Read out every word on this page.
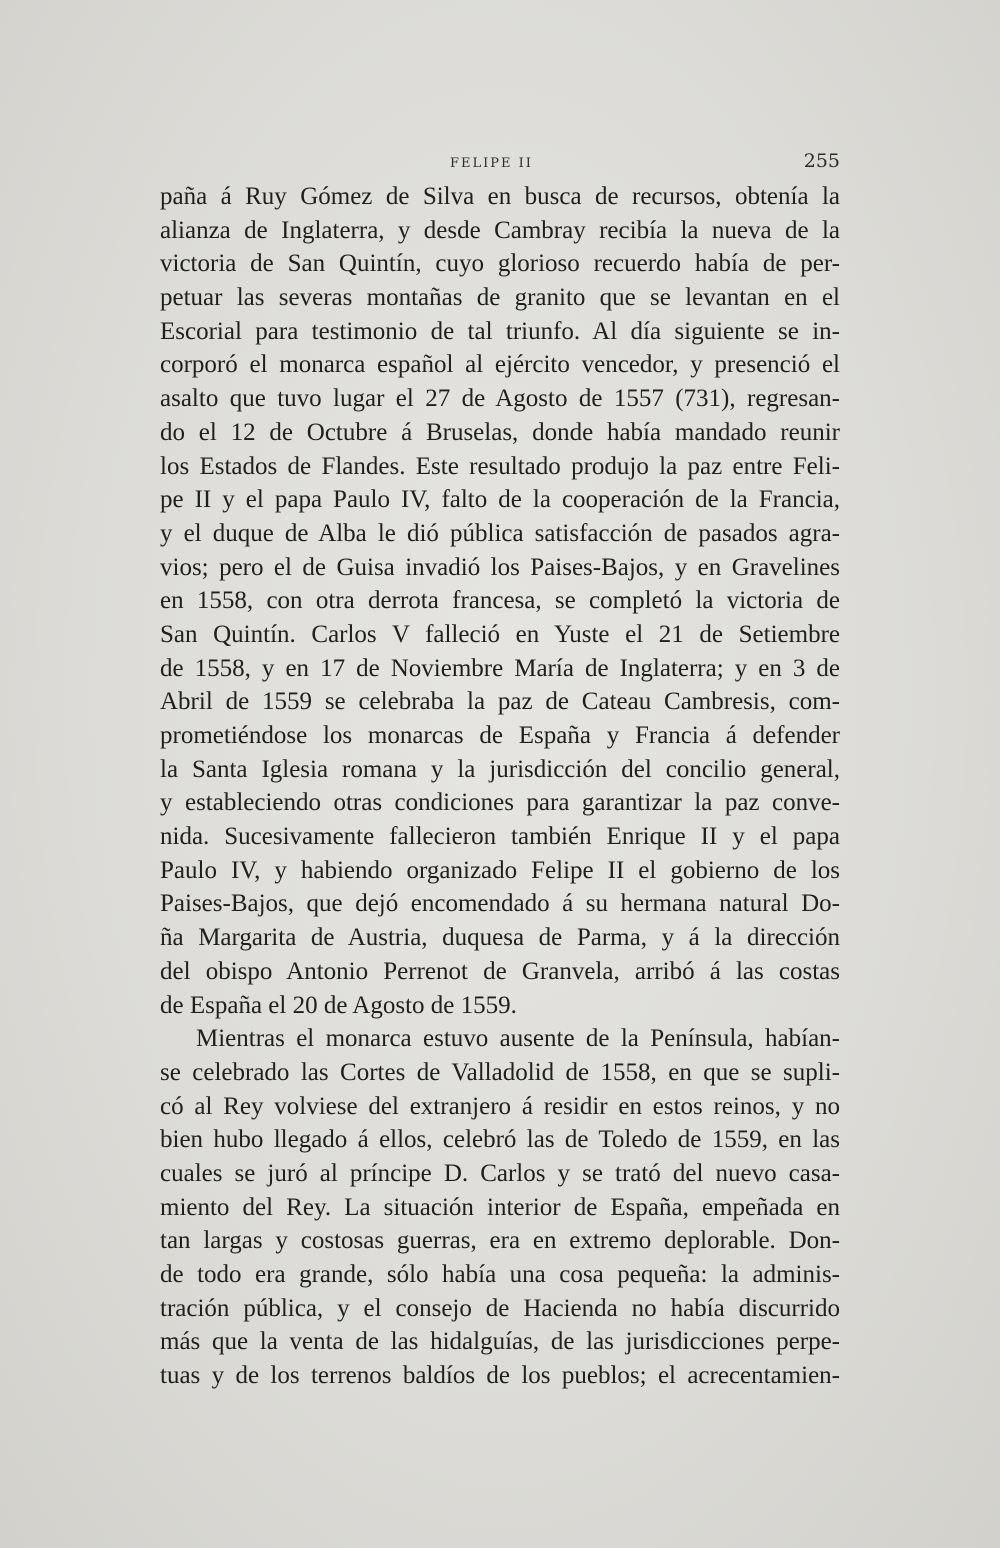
FELIPE II	255
paña á Ruy Gómez de Silva en busca de recursos, obtenía la
alianza de Inglaterra, y desde Cambray recibía la nueva de la
victoria de San Quintín, cuyo glorioso recuerdo había de per-
petuar las severas montañas de granito que se levantan en el
Escorial para testimonio de tal triunfo. Al día siguiente se in-
corporó el monarca español al ejército vencedor, y presenció el
asalto que tuvo lugar el 27 de Agosto de 1557 (731), regresan-
do el 12 de Octubre á Bruselas, donde había mandado reunir
los Estados de Flandes. Este resultado produjo la paz entre Feli-
pe II y el papa Paulo IV, falto de la cooperación de la Francia,
y el duque de Alba le dió pública satisfacción de pasados agra-
vios; pero el de Guisa invadió los Paises-Bajos, y en Gravelines
en 1558, con otra derrota francesa, se completó la victoria de
San Quintín. Carlos V falleció en Yuste el 21 de Setiembre
de 1558, y en 17 de Noviembre María de Inglaterra; y en 3 de
Abril de 1559 se celebraba la paz de Cateau Cambresis, com-
prometiéndose los monarcas de España y Francia á defender
la Santa Iglesia romana y la jurisdicción del concilio general,
y estableciendo otras condiciones para garantizar la paz conve-
nida. Sucesivamente fallecieron también Enrique II y el papa
Paulo IV, y habiendo organizado Felipe II el gobierno de los
Paises-Bajos, que dejó encomendado á su hermana natural Do-
ña Margarita de Austria, duquesa de Parma, y á la dirección
del obispo Antonio Perrenot de Granvela, arribó á las costas
de España el 20 de Agosto de 1559.
Mientras el monarca estuvo ausente de la Península, habían-
se celebrado las Cortes de Valladolid de 1558, en que se supli-
có al Rey volviese del extranjero á residir en estos reinos, y no
bien hubo llegado á ellos, celebró las de Toledo de 1559, en las
cuales se juró al príncipe D. Carlos y se trató del nuevo casa-
miento del Rey. La situación interior de España, empeñada en
tan largas y costosas guerras, era en extremo deplorable. Don-
de todo era grande, sólo había una cosa pequeña: la adminis-
tración pública, y el consejo de Hacienda no había discurrido
más que la venta de las hidalguías, de las jurisdicciones perpe-
tuas y de los terrenos baldíos de los pueblos; el acrecentamien-
